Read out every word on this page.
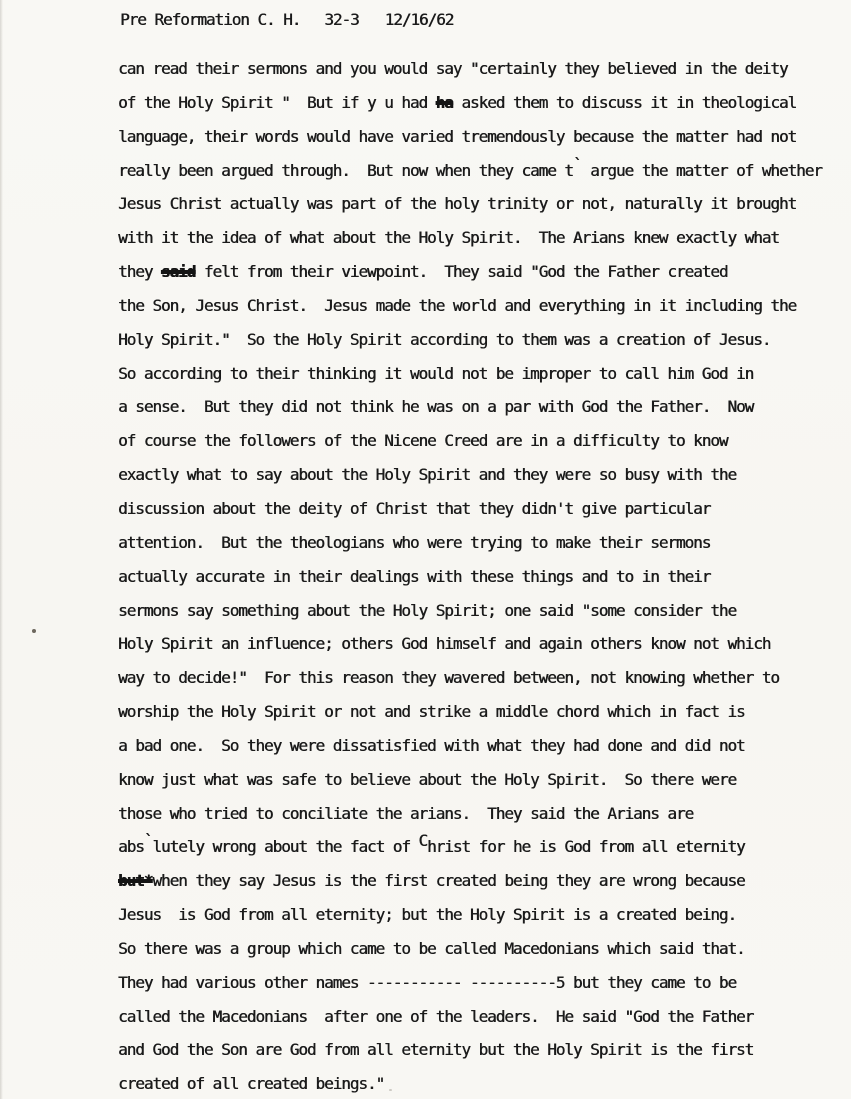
Pre Reformation C. H. 32-3 12/16/62
can read their sermons and you would say "certainly they believed in the deity
of the Holy Spirit "  But if y u had ha asked them to discuss it in theological
language, their words would have varied tremendously because the matter had not
really been argued through.  But now when they came t` argue the matter of whether
Jesus Christ actually was part of the holy trinity or not, naturally it brought
with it the idea of what about the Holy Spirit.  The Arians knew exactly what
they said felt from their viewpoint.  They said "God the Father created
the Son, Jesus Christ.  Jesus made the world and everything in it including the
Holy Spirit."  So the Holy Spirit according to them was a creation of Jesus.
So according to their thinking it would not be improper to call him God in
a sense.  But they did not think he was on a par with God the Father.  Now
of course the followers of the Nicene Creed are in a difficulty to know
exactly what to say about the Holy Spirit and they were so busy with the
discussion about the deity of Christ that they didn't give particular
attention.  But the theologians who were trying to make their sermons
actually accurate in their dealings with these things and to in their
sermons say something about the Holy Spirit; one said "some consider the
Holy Spirit an influence; others God himself and again others know not which
way to decide!"  For this reason they wavered between, not knowing whether to
worship the Holy Spirit or not and strike a middle chord which in fact is
a bad one.  So they were dissatisfied with what they had done and did not
know just what was safe to believe about the Holy Spirit.  So there were
those who tried to conciliate the arians.  They said the Arians are
abs`lutely wrong about the fact of Christ for he is God from all eternity
but*when they say Jesus is the first created being they are wrong because
Jesus  is God from all eternity; but the Holy Spirit is a created being.
So there was a group which came to be called Macedonians which said that.
They had various other names ----------- ----------5 but they came to be
called the Macedonians  after one of the leaders.  He said "God the Father
and God the Son are God from all eternity but the Holy Spirit is the first
created of all created beings."
